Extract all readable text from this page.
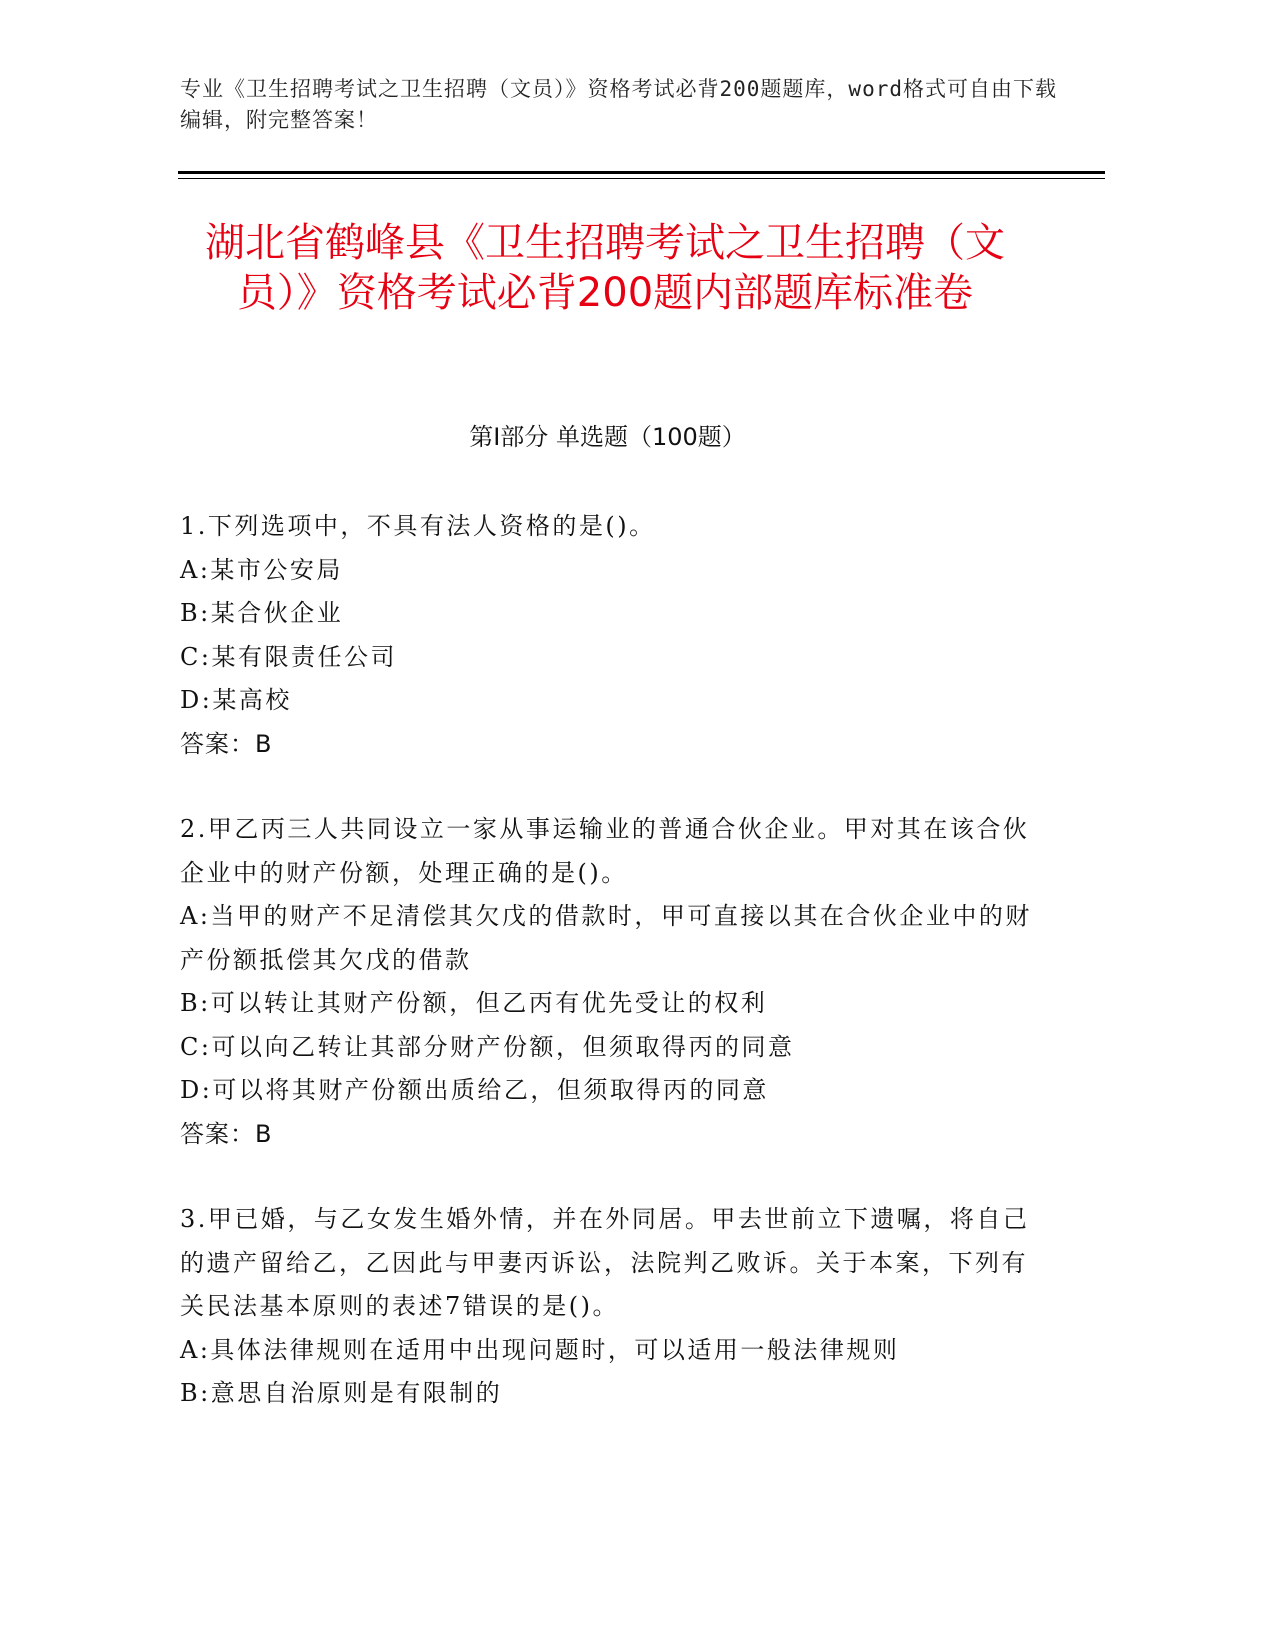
专业《卫生招聘考试之卫生招聘（文员）》资格考试必背200题题库，word格式可自由下载编辑，附完整答案！
湖北省鹤峰县《卫生招聘考试之卫生招聘（文员）》资格考试必背200题内部题库标准卷
第I部分 单选题（100题）

1.下列选项中，不具有法人资格的是()。

A:某市公安局

B:某合伙企业

C:某有限责任公司

D:某高校

答案：B

2.甲乙丙三人共同设立一家从事运输业的普通合伙企业。甲对其在该合伙企业中的财产份额，处理正确的是()。

A:当甲的财产不足清偿其欠戊的借款时，甲可直接以其在合伙企业中的财产份额抵偿其欠戊的借款

B:可以转让其财产份额，但乙丙有优先受让的权利

C:可以向乙转让其部分财产份额，但须取得丙的同意

D:可以将其财产份额出质给乙，但须取得丙的同意

答案：B

3.甲已婚，与乙女发生婚外情，并在外同居。甲去世前立下遗嘱，将自己的遗产留给乙，乙因此与甲妻丙诉讼，法院判乙败诉。关于本案，下列有关民法基本原则的表述7错误的是()。

A:具体法律规则在适用中出现问题时，可以适用一般法律规则

B:意思自治原则是有限制的
